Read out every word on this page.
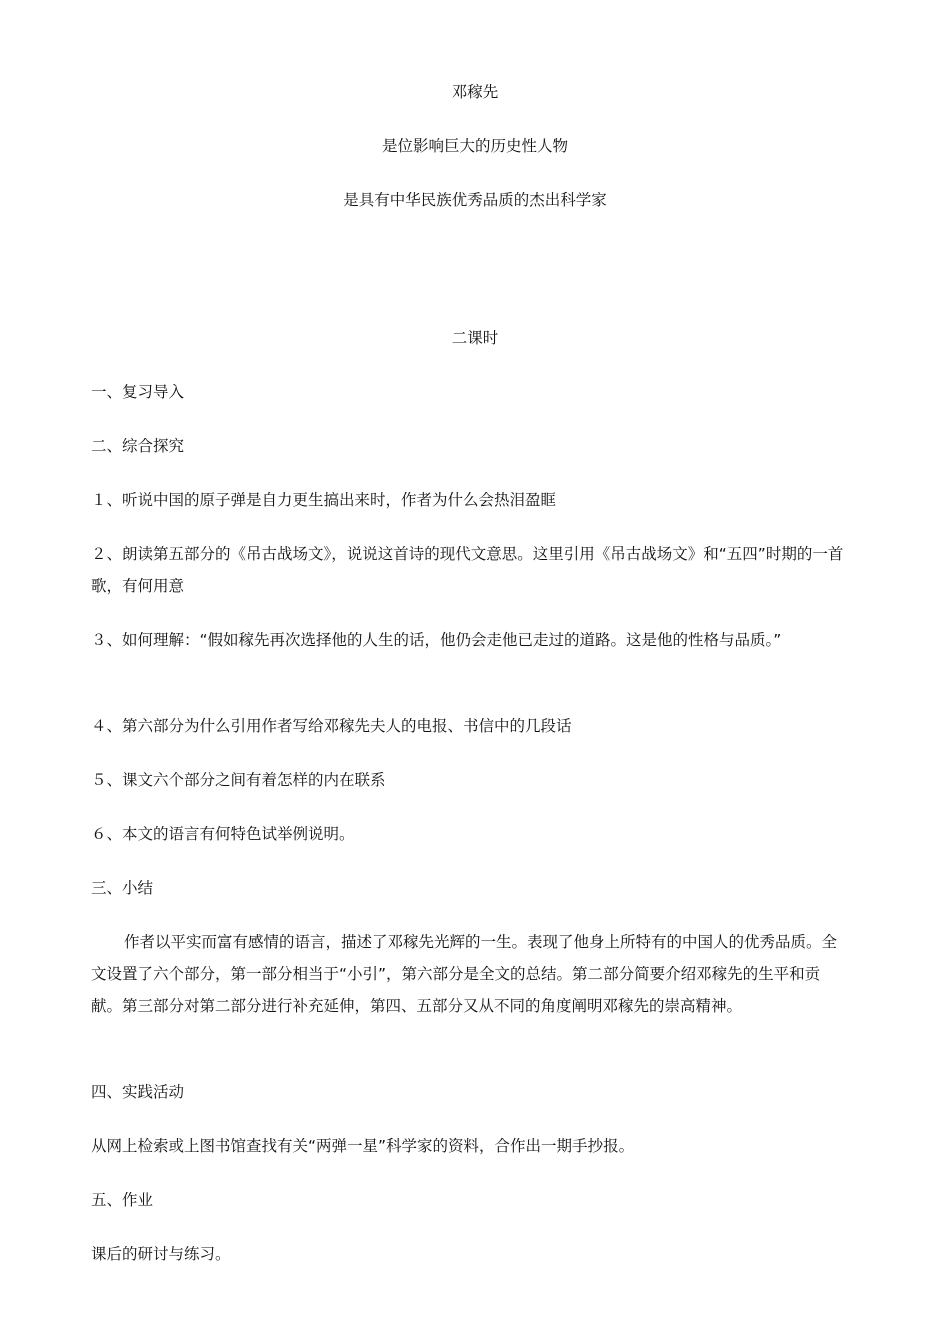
邓稼先
是位影响巨大的历史性人物
是具有中华民族优秀品质的杰出科学家
二课时
一、复习导入
二、综合探究
１、听说中国的原子弹是自力更生搞出来时，作者为什么会热泪盈眶
２、朗读第五部分的《吊古战场文》，说说这首诗的现代文意思。这里引用《吊古战场文》和“五四”时期的一首歌，有何用意
３、如何理解：“假如稼先再次选择他的人生的话，他仍会走他已走过的道路。这是他的性格与品质。”
４、第六部分为什么引用作者写给邓稼先夫人的电报、书信中的几段话
５、课文六个部分之间有着怎样的内在联系
６、本文的语言有何特色试举例说明。
三、小结
作者以平实而富有感情的语言，描述了邓稼先光辉的一生。表现了他身上所特有的中国人的优秀品质。全文设置了六个部分，第一部分相当于“小引”，第六部分是全文的总结。第二部分简要介绍邓稼先的生平和贡献。第三部分对第二部分进行补充延伸，第四、五部分又从不同的角度阐明邓稼先的崇高精神。
四、实践活动
从网上检索或上图书馆查找有关“两弹一星”科学家的资料，合作出一期手抄报。
五、作业
课后的研讨与练习。
